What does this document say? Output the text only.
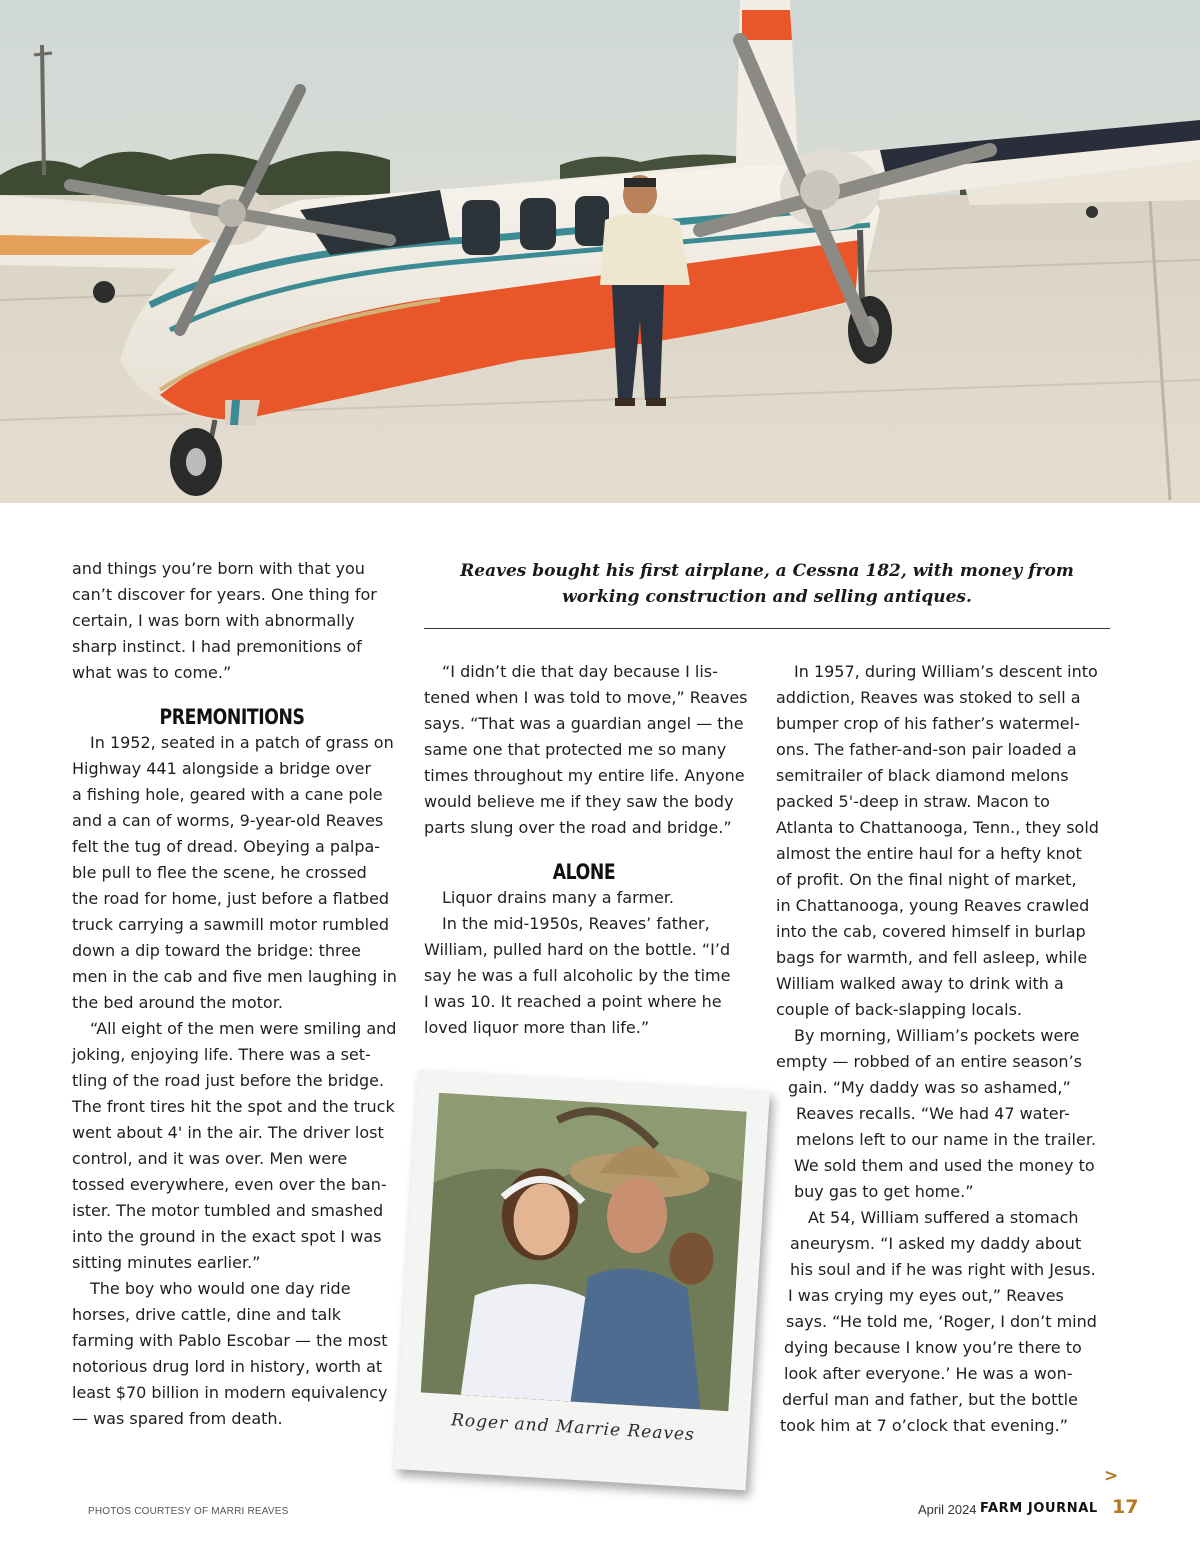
Reaves bought his first airplane, a Cessna 182, with money from working construction and selling antiques.

and things you’re born with that you

can’t discover for years. One thing for

certain, I was born with abnormally

sharp instinct. I had premonitions of

what was to come.”

PREMONITIONS

In 1952, seated in a patch of grass on

Highway 441 alongside a bridge over

a fishing hole, geared with a cane pole

and a can of worms, 9-year-old Reaves

felt the tug of dread. Obeying a palpa-

ble pull to flee the scene, he crossed

the road for home, just before a flatbed

truck carrying a sawmill motor rumbled

down a dip toward the bridge: three

men in the cab and five men laughing in

the bed around the motor.

“All eight of the men were smiling and

joking, enjoying life. There was a set-

tling of the road just before the bridge.

The front tires hit the spot and the truck

went about 4' in the air. The driver lost

control, and it was over. Men were

tossed everywhere, even over the ban-

ister. The motor tumbled and smashed

into the ground in the exact spot I was

sitting minutes earlier.”

The boy who would one day ride

horses, drive cattle, dine and talk

farming with Pablo Escobar — the most

notorious drug lord in history, worth at

least $70 billion in modern equivalency

— was spared from death.

“I didn’t die that day because I lis-

tened when I was told to move,” Reaves

says. “That was a guardian angel — the

same one that protected me so many

times throughout my entire life. Anyone

would believe me if they saw the body

parts slung over the road and bridge.”

ALONE

Liquor drains many a farmer.

In the mid-1950s, Reaves’ father,

William, pulled hard on the bottle. “I’d

say he was a full alcoholic by the time

I was 10. It reached a point where he

loved liquor more than life.”

In 1957, during William’s descent into

addiction, Reaves was stoked to sell a

bumper crop of his father’s watermel-

ons. The father-and-son pair loaded a

semitrailer of black diamond melons

packed 5'-deep in straw. Macon to

Atlanta to Chattanooga, Tenn., they sold

almost the entire haul for a hefty knot

of profit. On the final night of market,

in Chattanooga, young Reaves crawled

into the cab, covered himself in burlap

bags for warmth, and fell asleep, while

William walked away to drink with a

couple of back-slapping locals.

By morning, William’s pockets were

empty — robbed of an entire season’s

gain. “My daddy was so ashamed,”

Reaves recalls. “We had 47 water-

melons left to our name in the trailer.

We sold them and used the money to

buy gas to get home.”

At 54, William suffered a stomach

aneurysm. “I asked my daddy about

his soul and if he was right with Jesus.

I was crying my eyes out,” Reaves

says. “He told me, ‘Roger, I don’t mind

dying because I know you’re there to

look after everyone.’ He was a won-

derful man and father, but the bottle

took him at 7 o’clock that evening.”

Roger and Marrie Reaves
>
PHOTOS COURTESY OF MARRI REAVES	April 2024 FARM JOURNAL 17
